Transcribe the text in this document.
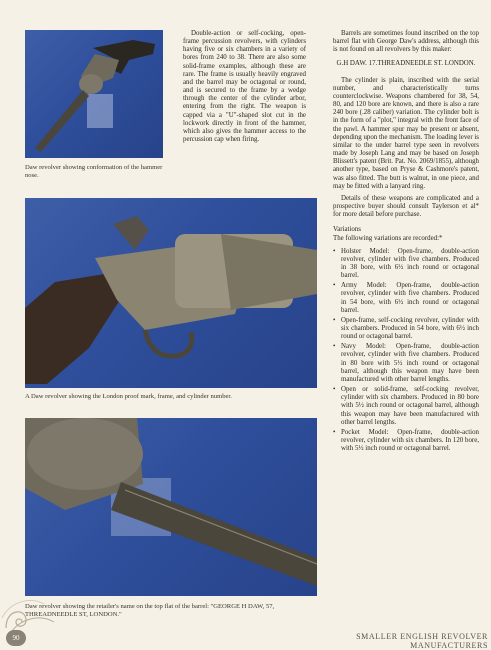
Daw revolver showing conformation of the hammer nose.

Double-action or self-cocking, open-frame percussion revolvers, with cylinders having five or six chambers in a variety of bores from 240 to 38. There are also some solid-frame examples, although these are rare. The frame is usually heavily engraved and the barrel may be octagonal or round, and is secured to the frame by a wedge through the center of the cylinder arbor, entering from the right. The weapon is capped via a "U"-shaped slot cut in the lockwork directly in front of the hammer, which also gives the hammer access to the percussion cap when firing.

A Daw revolver showing the London proof mark, frame, and cylinder number.
Daw revolver showing the retailer's name on the top flat of the barrel: "GEORGE H DAW, 57, THREADNEEDLE ST, LONDON."

Barrels are sometimes found inscribed on the top barrel flat with George Daw's address, although this is not found on all revolvers by this maker:

G.H DAW. 17.THREADNEEDLE ST. LONDON.

The cylinder is plain, inscribed with the serial number, and characteristically turns counterclockwise. Weapons chambered for 38, 54, 80, and 120 bore are known, and there is also a rare 240 bore (.28 caliber) variation. The cylinder bolt is in the form of a "plot," integral with the front face of the pawl. A hammer spur may be present or absent, depending upon the mechanism. The loading lever is similar to the under barrel type seen in revolvers made by Joseph Lang and may be based on Joseph Blissett's patent (Brit. Pat. No. 2069/1855), although another type, based on Pryse & Cashmore's patent, was also fitted. The butt is walnut, in one piece, and may be fitted with a lanyard ring.

Details of these weapons are complicated and a prospective buyer should consult Taylerson et al* for more detail before purchase.

Variations

The following variations are recorded:*

• Holster Model: Open-frame, double-action revolver, cylinder with five chambers. Produced in 38 bore, with 6½ inch round or octagonal barrel.
• Army Model: Open-frame, double-action revolver, cylinder with five chambers. Produced in 54 bore, with 6½ inch round or octagonal barrel.
• Open-frame, self-cocking revolver, cylinder with six chambers. Produced in 54 bore, with 6½ inch round or octagonal barrel.
• Navy Model: Open-frame, double-action revolver, cylinder with five chambers. Produced in 80 bore with 5½ inch round or octagonal barrel, although this weapon may have been manufactured with other barrel lengths.
• Open or solid-frame, self-cocking revolver, cylinder with six chambers. Produced in 80 bore with 5½ inch round or octagonal barrel, although this weapon may have been manufactured with other barrel lengths.
• Pocket Model: Open-frame, double-action revolver, cylinder with six chambers. In 120 bore, with 5½ inch round or octagonal barrel.
90	SMALLER ENGLISH REVOLVER MANUFACTURERS
